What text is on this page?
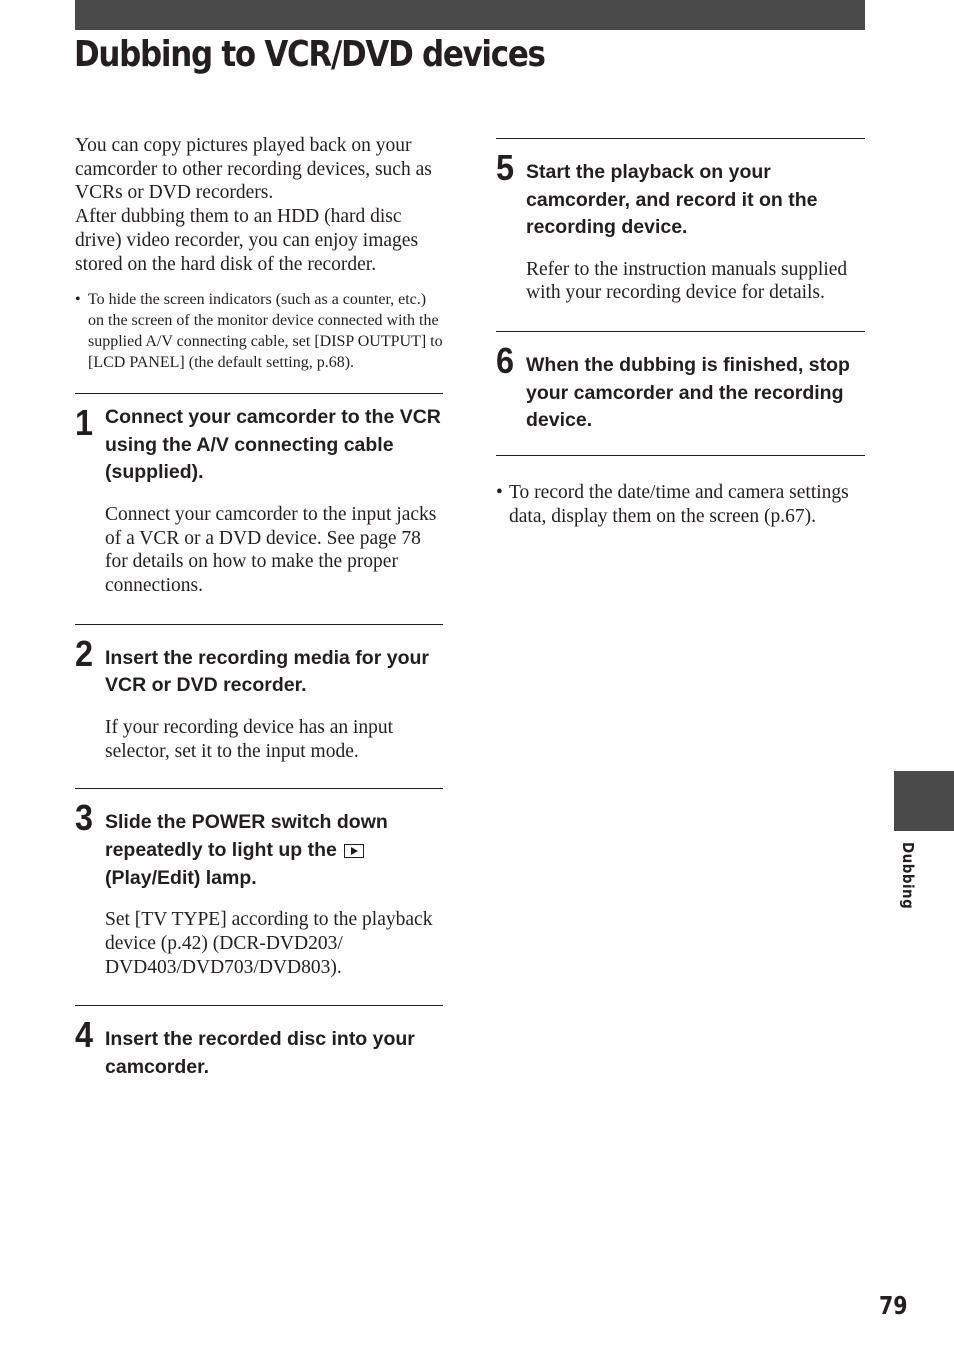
Dubbing to VCR/DVD devices

You can copy pictures played back on your camcorder to other recording devices, such as VCRs or DVD recorders.

After dubbing them to an HDD (hard disc drive) video recorder, you can enjoy images stored on the hard disk of the recorder.

• To hide the screen indicators (such as a counter, etc.) on the screen of the monitor device connected with the supplied A/V connecting cable, set [DISP OUTPUT] to [LCD PANEL] (the default setting, p.68).
1 Connect your camcorder to the VCR using the A/V connecting cable (supplied).

Connect your camcorder to the input jacks of a VCR or a DVD device. See page 78 for details on how to make the proper connections.

2 Insert the recording media for your VCR or DVD recorder.

If your recording device has an input selector, set it to the input mode.

3 Slide the POWER switch down repeatedly to light up the
(Play/Edit) lamp.

Set [TV TYPE] according to the playback device (p.42) (DCR-DVD203/ DVD403/DVD703/DVD803).

4 Insert the recorded disc into your camcorder.

5 Start the playback on your camcorder, and record it on the recording device.

Refer to the instruction manuals supplied with your recording device for details.

6 When the dubbing is finished, stop your camcorder and the recording device.

• To record the date/time and camera settings data, display them on the screen (p.67).
Dubbing
79
